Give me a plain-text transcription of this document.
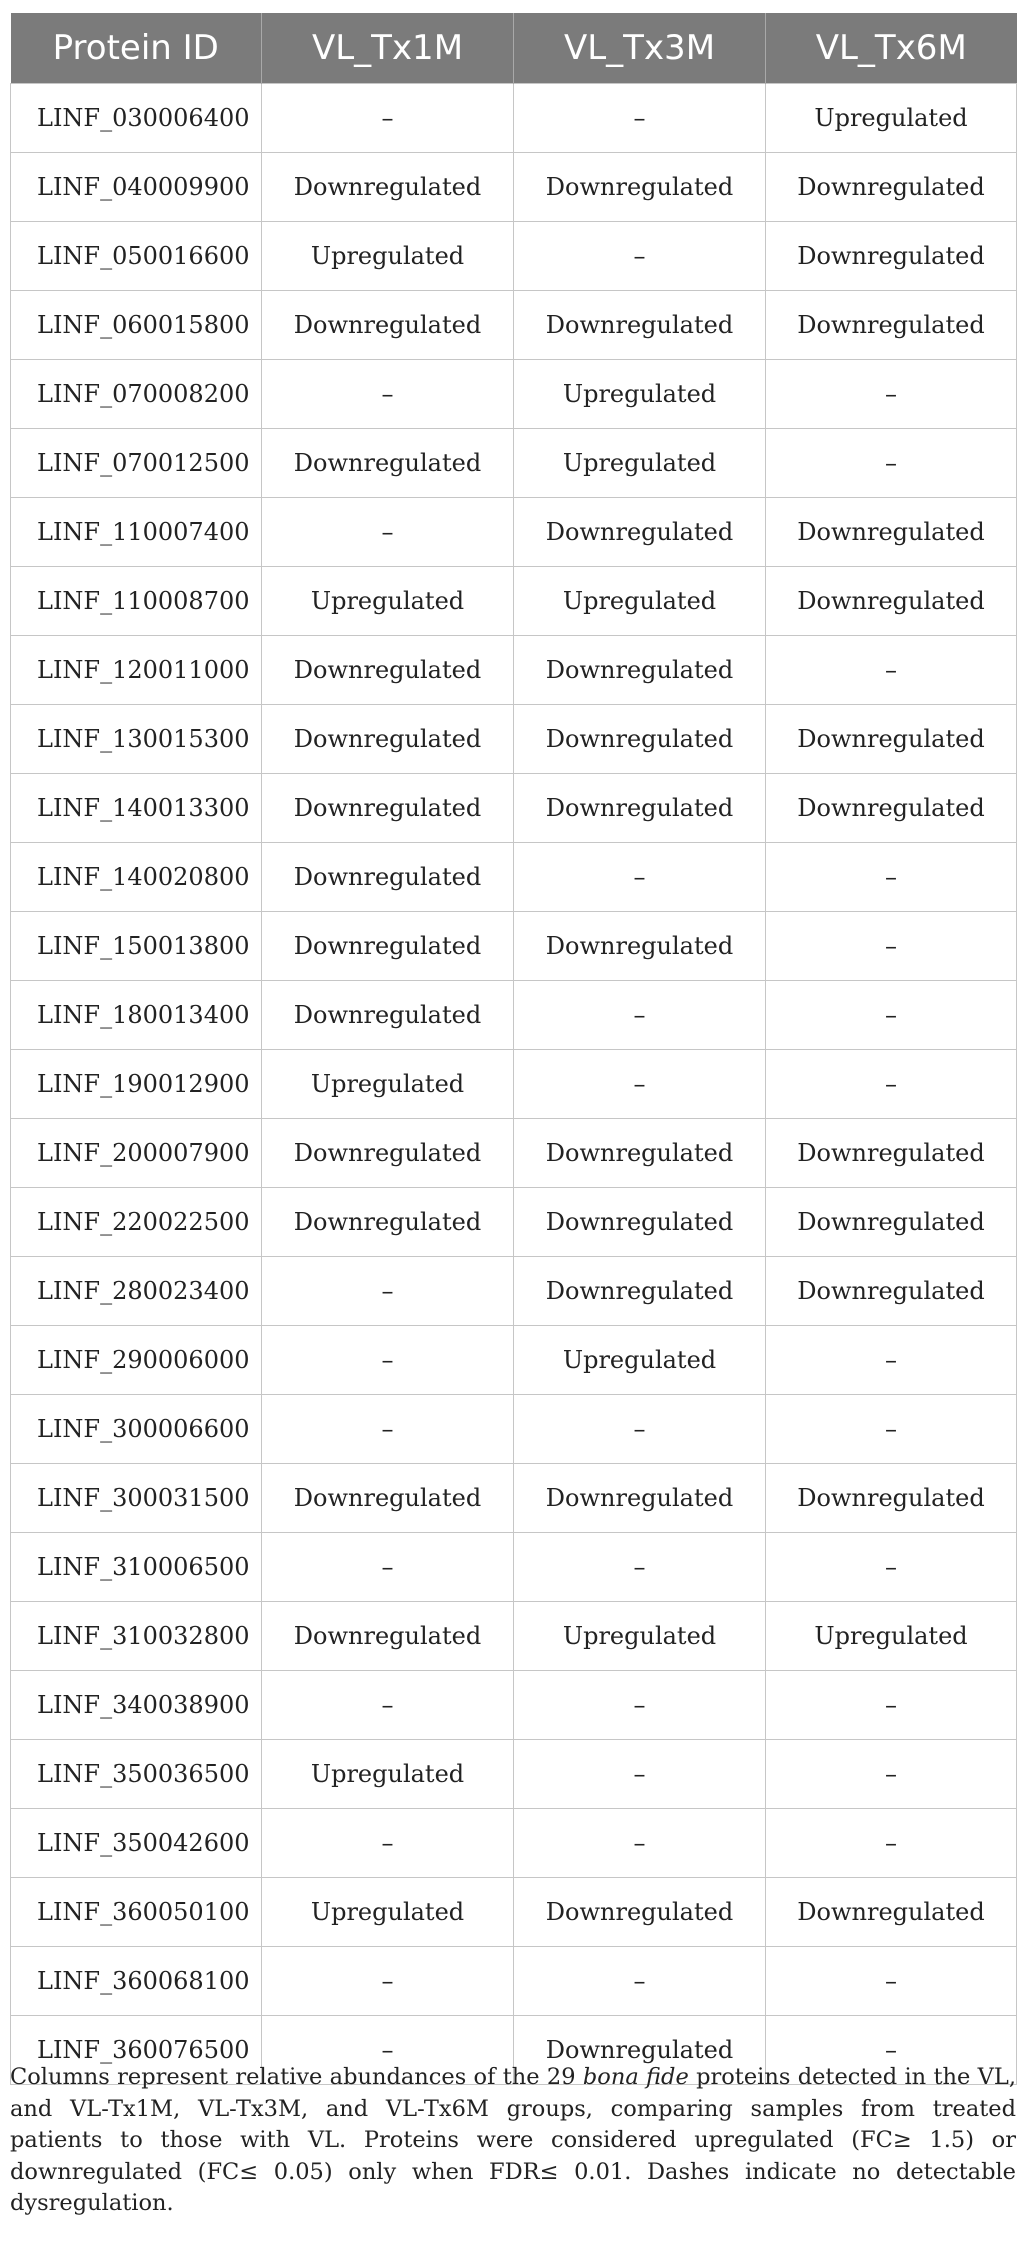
Protein ID	VL_Tx1M	VL_Tx3M	VL_Tx6M
LINF_030006400	–	–	Upregulated
LINF_040009900	Downregulated	Downregulated	Downregulated
LINF_050016600	Upregulated	–	Downregulated
LINF_060015800	Downregulated	Downregulated	Downregulated
LINF_070008200	–	Upregulated	–
LINF_070012500	Downregulated	Upregulated	–
LINF_110007400	–	Downregulated	Downregulated
LINF_110008700	Upregulated	Upregulated	Downregulated
LINF_120011000	Downregulated	Downregulated	–
LINF_130015300	Downregulated	Downregulated	Downregulated
LINF_140013300	Downregulated	Downregulated	Downregulated
LINF_140020800	Downregulated	–	–
LINF_150013800	Downregulated	Downregulated	–
LINF_180013400	Downregulated	–	–
LINF_190012900	Upregulated	–	–
LINF_200007900	Downregulated	Downregulated	Downregulated
LINF_220022500	Downregulated	Downregulated	Downregulated
LINF_280023400	–	Downregulated	Downregulated
LINF_290006000	–	Upregulated	–
LINF_300006600	–	–	–
LINF_300031500	Downregulated	Downregulated	Downregulated
LINF_310006500	–	–	–
LINF_310032800	Downregulated	Upregulated	Upregulated
LINF_340038900	–	–	–
LINF_350036500	Upregulated	–	–
LINF_350042600	–	–	–
LINF_360050100	Upregulated	Downregulated	Downregulated
LINF_360068100	–	–	–
LINF_360076500	–	Downregulated	–

Columns represent relative abundances of the 29 bona fide proteins detected in the VL, and VL-Tx1M, VL-Tx3M, and VL-Tx6M groups, comparing samples from treated patients to those with VL. Proteins were considered upregulated (FC≥ 1.5) or downregulated (FC≤ 0.05) only when FDR≤ 0.01. Dashes indicate no detectable dysregulation.
